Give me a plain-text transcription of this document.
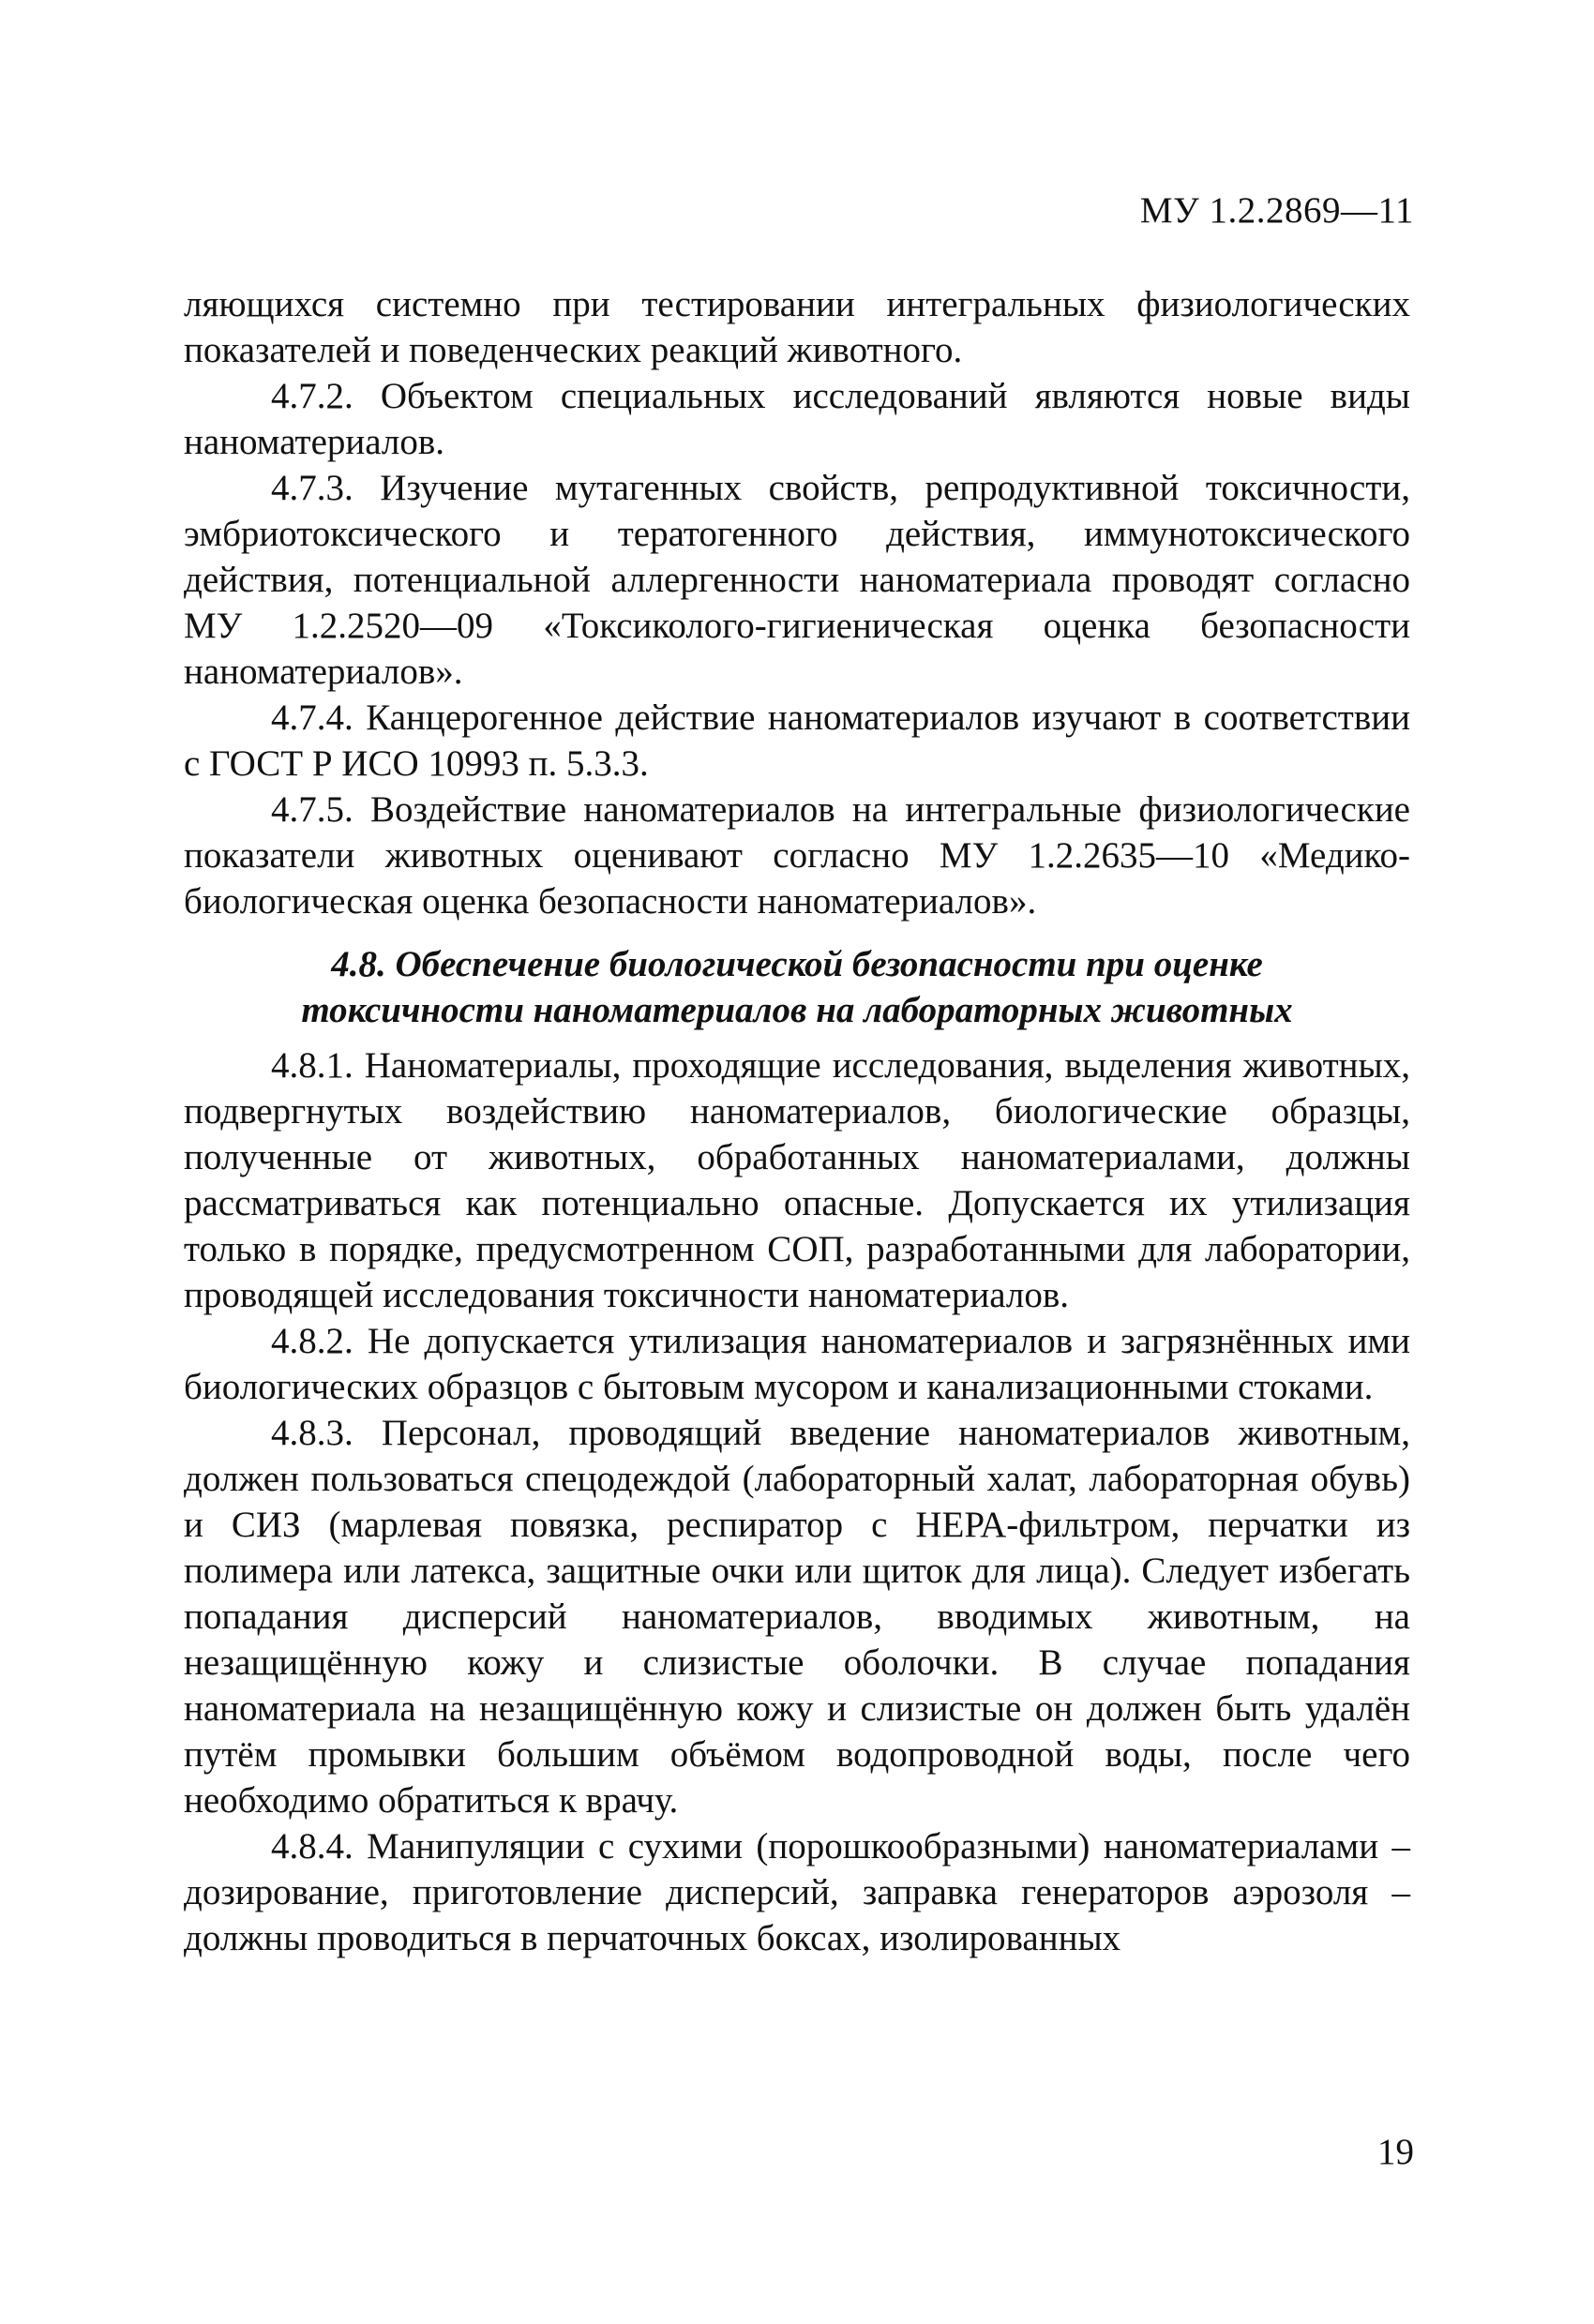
МУ 1.2.2869—11

ляющихся системно при тестировании интегральных физиологических показателей и поведенческих реакций животного.

4.7.2. Объектом специальных исследований являются новые виды наноматериалов.

4.7.3. Изучение мутагенных свойств, репродуктивной токсичности, эмбриотоксического и тератогенного действия, иммунотоксического действия, потенциальной аллергенности наноматериала проводят согласно МУ 1.2.2520—09 «Токсиколого-гигиеническая оценка безопасности наноматериалов».

4.7.4. Канцерогенное действие наноматериалов изучают в соответствии с ГОСТ Р ИСО 10993 п. 5.3.3.

4.7.5. Воздействие наноматериалов на интегральные физиологические показатели животных оценивают согласно МУ 1.2.2635—10 «Медико-биологическая оценка безопасности наноматериалов».

4.8. Обеспечение биологической безопасности при оценке
токсичности наноматериалов на лабораторных животных

4.8.1. Наноматериалы, проходящие исследования, выделения животных, подвергнутых воздействию наноматериалов, биологические образцы, полученные от животных, обработанных наноматериалами, должны рассматриваться как потенциально опасные. Допускается их утилизация только в порядке, предусмотренном СОП, разработанными для лаборатории, проводящей исследования токсичности наноматериалов.

4.8.2. Не допускается утилизация наноматериалов и загрязнённых ими биологических образцов с бытовым мусором и канализационными стоками.

4.8.3. Персонал, проводящий введение наноматериалов животным, должен пользоваться спецодеждой (лабораторный халат, лабораторная обувь) и СИЗ (марлевая повязка, респиратор с НЕРА-фильтром, перчатки из полимера или латекса, защитные очки или щиток для лица). Следует избегать попадания дисперсий наноматериалов, вводимых животным, на незащищённую кожу и слизистые оболочки. В случае попадания наноматериала на незащищённую кожу и слизистые он должен быть удалён путём промывки большим объёмом водопроводной воды, после чего необходимо обратиться к врачу.

4.8.4. Манипуляции с сухими (порошкообразными) наноматериалами – дозирование, приготовление дисперсий, заправка генераторов аэрозоля – должны проводиться в перчаточных боксах, изолированных

19
